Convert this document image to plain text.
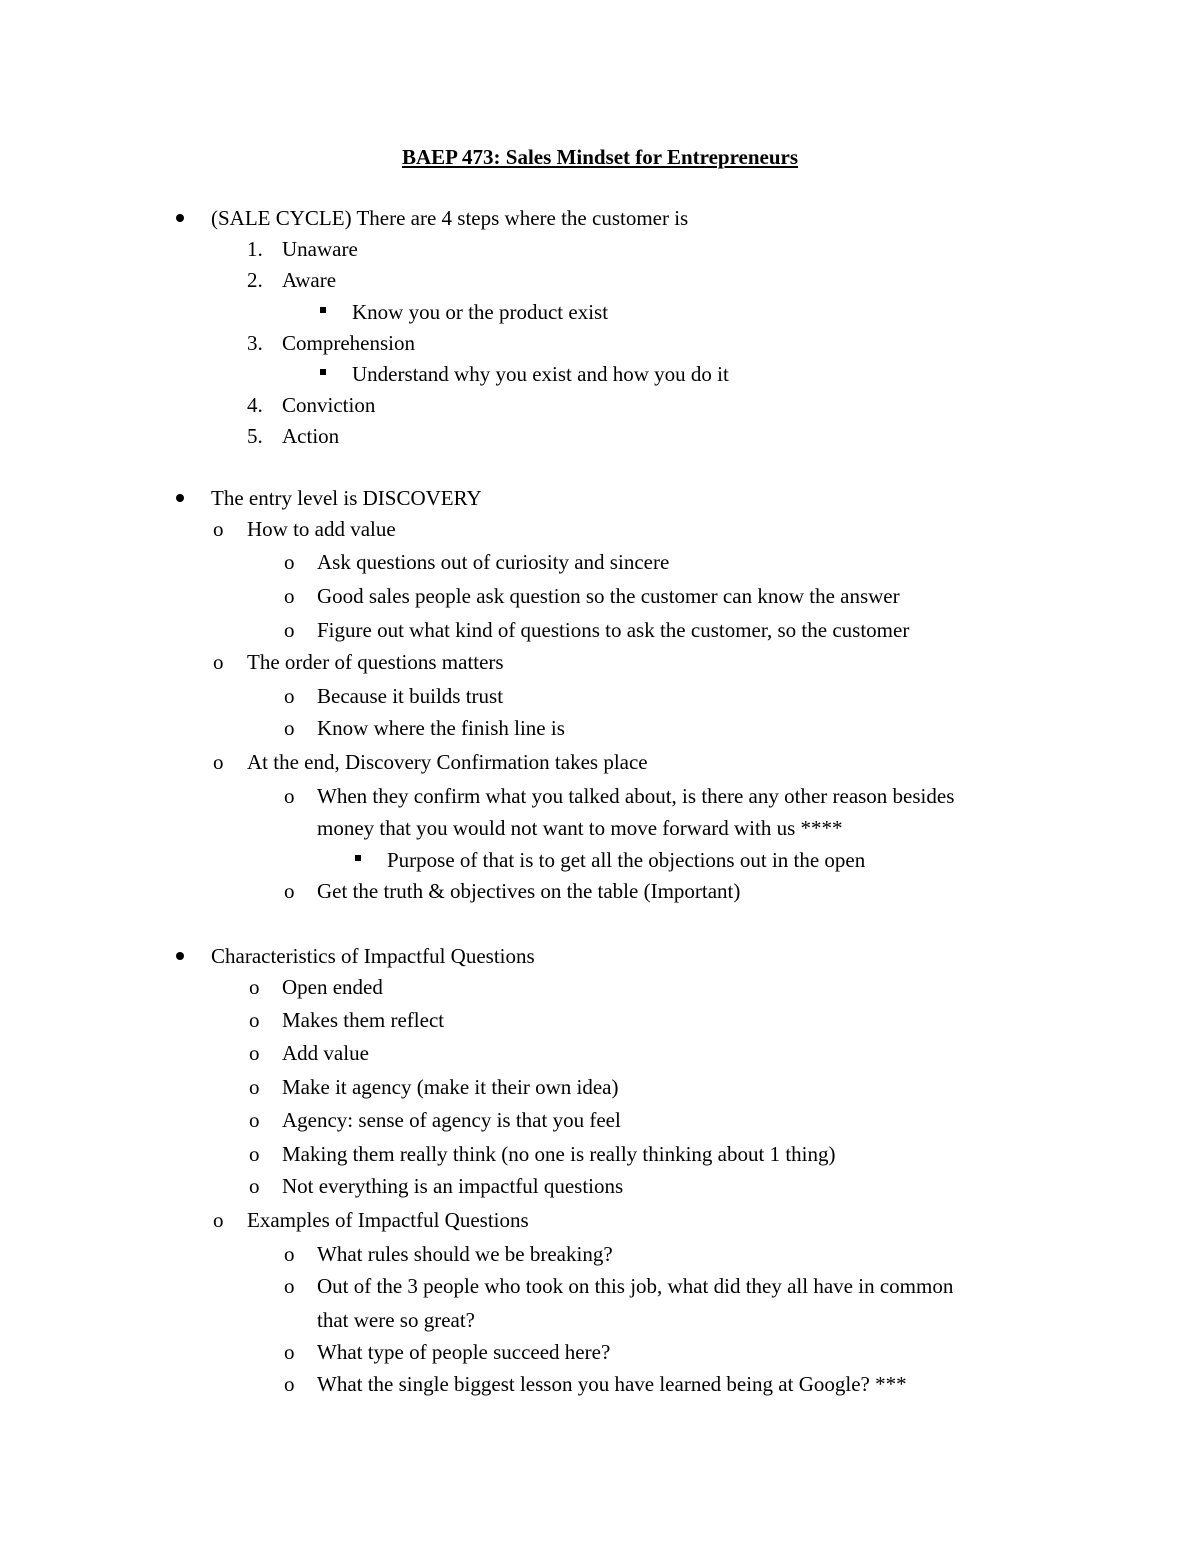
BAEP 473: Sales Mindset for Entrepreneurs
(SALE CYCLE) There are 4 steps where the customer is
1. Unaware
2. Aware
Know you or the product exist
3. Comprehension
Understand why you exist and how you do it
4. Conviction
5. Action
The entry level is DISCOVERY
o How to add value
o Ask questions out of curiosity and sincere
o Good sales people ask question so the customer can know the answer
o Figure out what kind of questions to ask the customer, so the customer
o The order of questions matters
o Because it builds trust
o Know where the finish line is
o At the end, Discovery Confirmation takes place
o When they confirm what you talked about, is there any other reason besides
money that you would not want to move forward with us ****
Purpose of that is to get all the objections out in the open
o Get the truth & objectives on the table (Important)
Characteristics of Impactful Questions
o Open ended
o Makes them reflect
o Add value
o Make it agency (make it their own idea)
o Agency: sense of agency is that you feel
o Making them really think (no one is really thinking about 1 thing)
o Not everything is an impactful questions
o Examples of Impactful Questions
o What rules should we be breaking?
o Out of the 3 people who took on this job, what did they all have in common
that were so great?
o What type of people succeed here?
o What the single biggest lesson you have learned being at Google? ***
